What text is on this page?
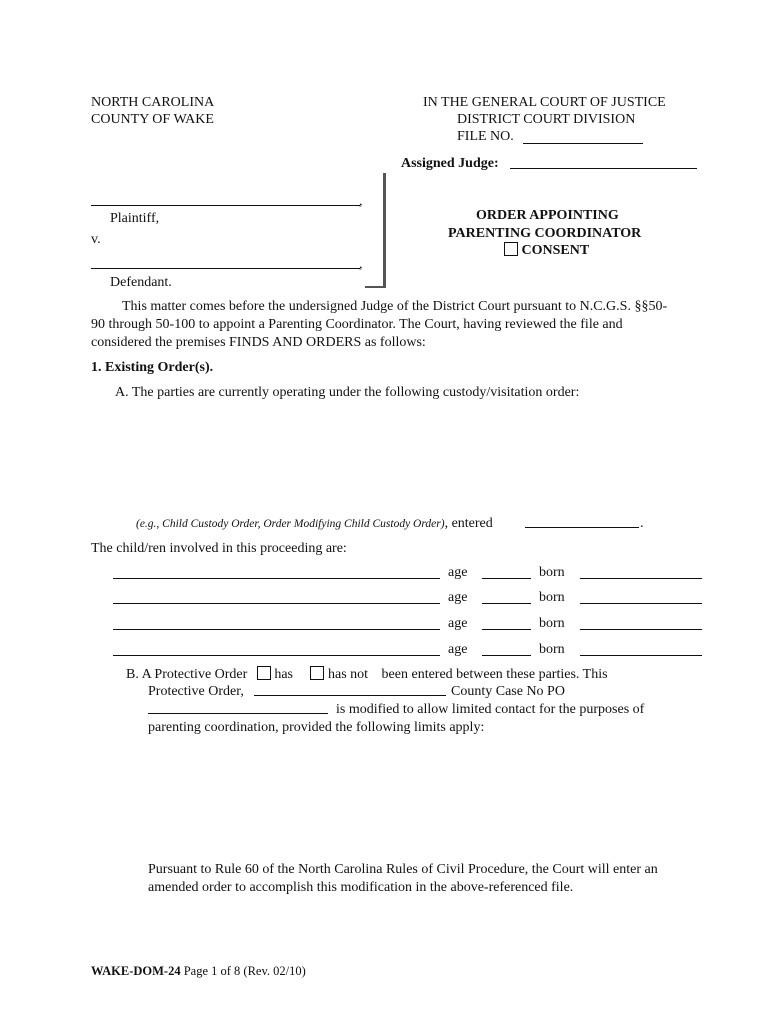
NORTH CAROLINA
COUNTY OF WAKE
IN THE GENERAL COURT OF JUSTICE
DISTRICT COURT DIVISION
FILE NO.
Assigned Judge:
,
Plaintiff,
v.
,
Defendant.
ORDER APPOINTING
PARENTING COORDINATOR
CONSENT
This matter comes before the undersigned Judge of the District Court pursuant to N.C.G.S. §§50-
90 through 50-100 to appoint a Parenting Coordinator. The Court, having reviewed the file and
considered the premises FINDS AND ORDERS as follows:
1. Existing Order(s).
A. The parties are currently operating under the following custody/visitation order:
(e.g., Child Custody Order, Order Modifying Child Custody Order), entered	.
The child/ren involved in this proceeding are:
age	born
age	born
age	born
age	born
B. A Protective Order has	has not been entered between these parties. This
Protective Order,	County Case No PO
is modified to allow limited contact for the purposes of
parenting coordination, provided the following limits apply:
Pursuant to Rule 60 of the North Carolina Rules of Civil Procedure, the Court will enter an
amended order to accomplish this modification in the above-referenced file.
WAKE-DOM-24 Page 1 of 8 (Rev. 02/10)
